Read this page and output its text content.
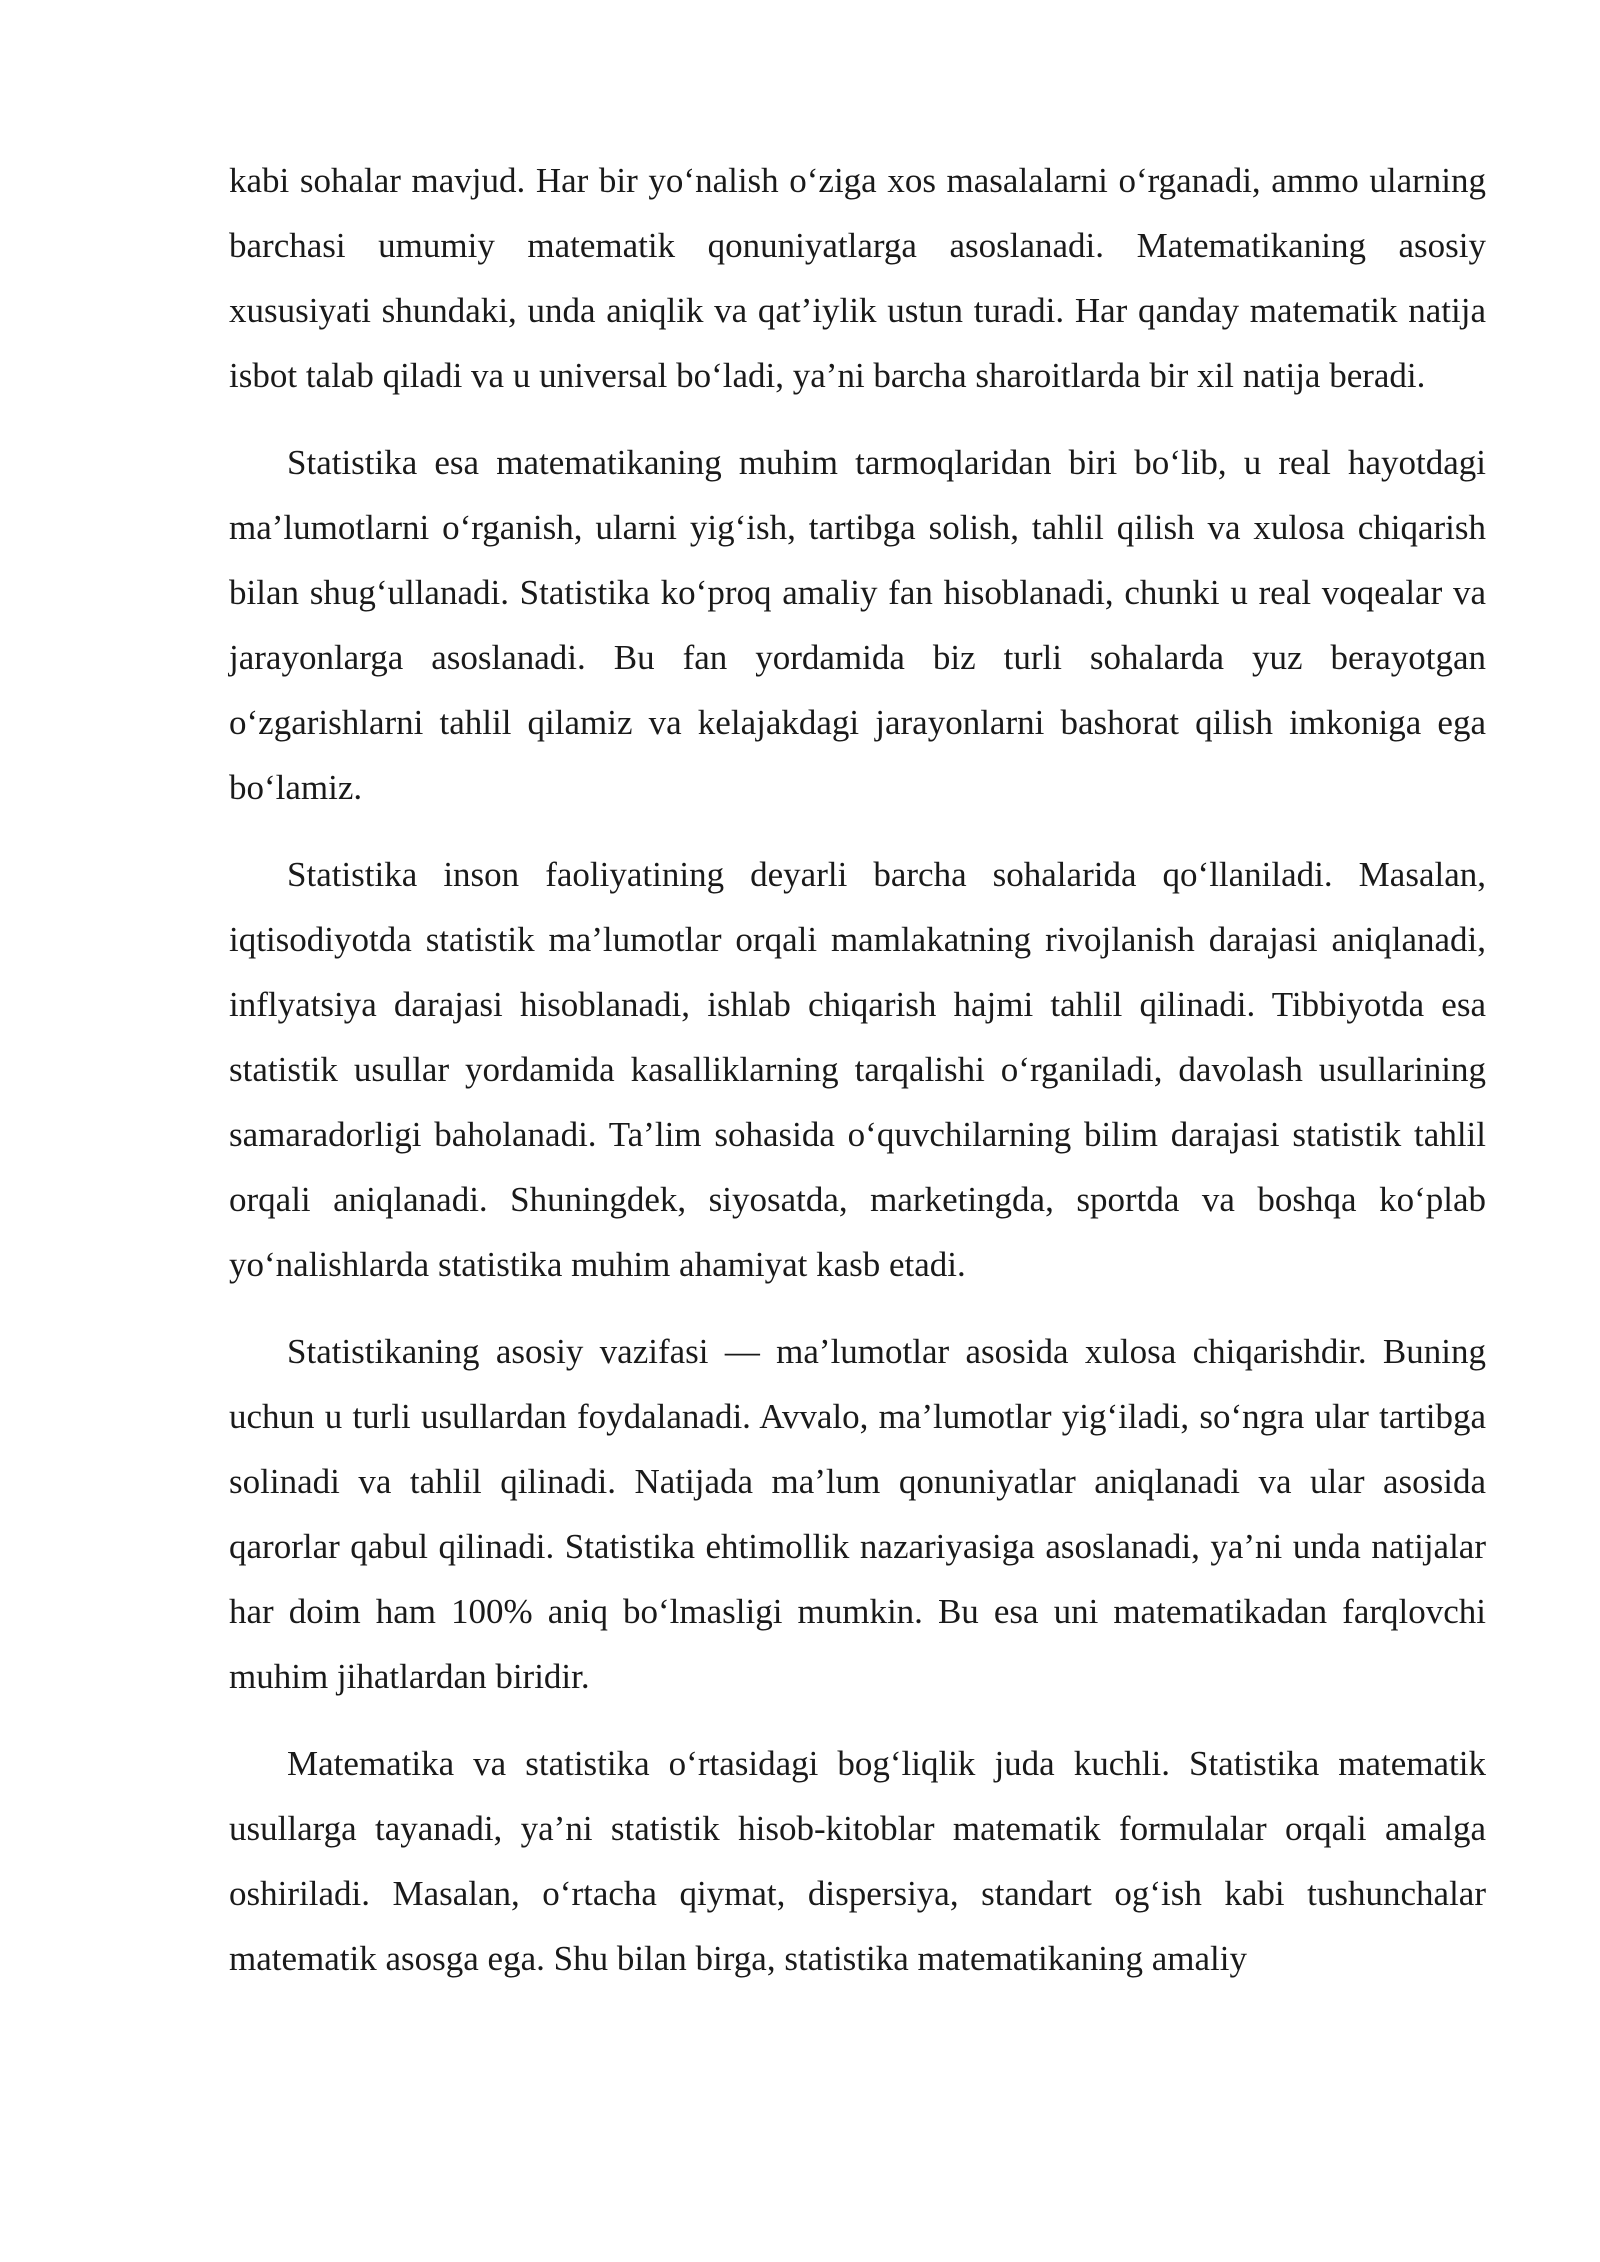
kabi sohalar mavjud. Har bir yo‘nalish o‘ziga xos masalalarni o‘rganadi, ammo ularning barchasi umumiy matematik qonuniyatlarga asoslanadi. Matematikaning asosiy xususiyati shundaki, unda aniqlik va qat’iylik ustun turadi. Har qanday matematik natija isbot talab qiladi va u universal bo‘ladi, ya’ni barcha sharoitlarda bir xil natija beradi.

Statistika esa matematikaning muhim tarmoqlaridan biri bo‘lib, u real hayotdagi ma’lumotlarni o‘rganish, ularni yig‘ish, tartibga solish, tahlil qilish va xulosa chiqarish bilan shug‘ullanadi. Statistika ko‘proq amaliy fan hisoblanadi, chunki u real voqealar va jarayonlarga asoslanadi. Bu fan yordamida biz turli sohalarda yuz berayotgan o‘zgarishlarni tahlil qilamiz va kelajakdagi jarayonlarni bashorat qilish imkoniga ega bo‘lamiz.

Statistika inson faoliyatining deyarli barcha sohalarida qo‘llaniladi. Masalan, iqtisodiyotda statistik ma’lumotlar orqali mamlakatning rivojlanish darajasi aniqlanadi, inflyatsiya darajasi hisoblanadi, ishlab chiqarish hajmi tahlil qilinadi. Tibbiyotda esa statistik usullar yordamida kasalliklarning tarqalishi o‘rganiladi, davolash usullarining samaradorligi baholanadi. Ta’lim sohasida o‘quvchilarning bilim darajasi statistik tahlil orqali aniqlanadi. Shuningdek, siyosatda, marketingda, sportda va boshqa ko‘plab yo‘nalishlarda statistika muhim ahamiyat kasb etadi.

Statistikaning asosiy vazifasi — ma’lumotlar asosida xulosa chiqarishdir. Buning uchun u turli usullardan foydalanadi. Avvalo, ma’lumotlar yig‘iladi, so‘ngra ular tartibga solinadi va tahlil qilinadi. Natijada ma’lum qonuniyatlar aniqlanadi va ular asosida qarorlar qabul qilinadi. Statistika ehtimollik nazariyasiga asoslanadi, ya’ni unda natijalar har doim ham 100% aniq bo‘lmasligi mumkin. Bu esa uni matematikadan farqlovchi muhim jihatlardan biridir.

Matematika va statistika o‘rtasidagi bog‘liqlik juda kuchli. Statistika matematik usullarga tayanadi, ya’ni statistik hisob-kitoblar matematik formulalar orqali amalga oshiriladi. Masalan, o‘rtacha qiymat, dispersiya, standart og‘ish kabi tushunchalar matematik asosga ega. Shu bilan birga, statistika matematikaning amaliy
